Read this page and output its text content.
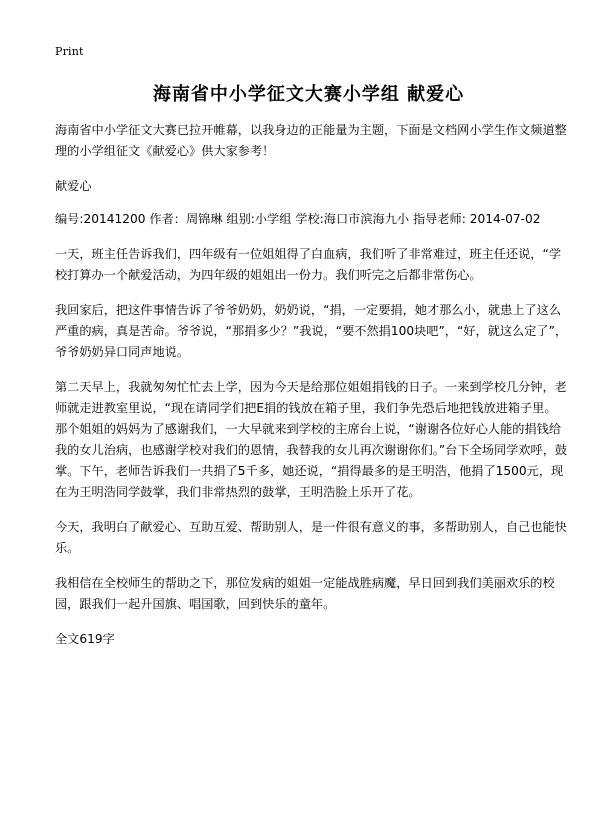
Print
海南省中小学征文大赛小学组 献爱心

海南省中小学征文大赛已拉开帷幕，以我身边的正能量为主题，下面是文档网小学生作文频道整理的小学组征文《献爱心》供大家参考！

献爱心

编号:20141200 作者：周锦琳 组别:小学组 学校:海口市滨海九小 指导老师: 2014-07-02

一天，班主任告诉我们，四年级有一位姐姐得了白血病，我们听了非常难过，班主任还说，“学校打算办一个献爱活动，为四年级的姐姐出一份力。我们听完之后都非常伤心。

我回家后，把这件事情告诉了爷爷奶奶，奶奶说，“捐，一定要捐，她才那么小，就患上了这么严重的病，真是苦命。爷爷说，“那捐多少？”我说，“要不然捐100块吧”，“好，就这么定了”，爷爷奶奶异口同声地说。

第二天早上，我就匆匆忙忙去上学，因为今天是给那位姐姐捐钱的日子。一来到学校几分钟，老师就走进教室里说，“现在请同学们把E捐的钱放在箱子里，我们争先恐后地把钱放进箱子里。那个姐姐的妈妈为了感谢我们，一大早就来到学校的主席台上说，“谢谢各位好心人能的捐钱给我的女儿治病，也感谢学校对我们的恩情，我替我的女儿再次谢谢你们。”台下全场同学欢呼，鼓掌。下午，老师告诉我们一共捐了5千多，她还说，“捐得最多的是王明浩，他捐了1500元，现在为王明浩同学鼓掌，我们非常热烈的鼓掌，王明浩脸上乐开了花。

今天，我明白了献爱心、互助互爱、帮助别人，是一件很有意义的事，多帮助别人，自己也能快乐。

我相信在全校师生的帮助之下，那位发病的姐姐一定能战胜病魔，早日回到我们美丽欢乐的校园，跟我们一起升国旗、唱国歌，回到快乐的童年。

全文619字
